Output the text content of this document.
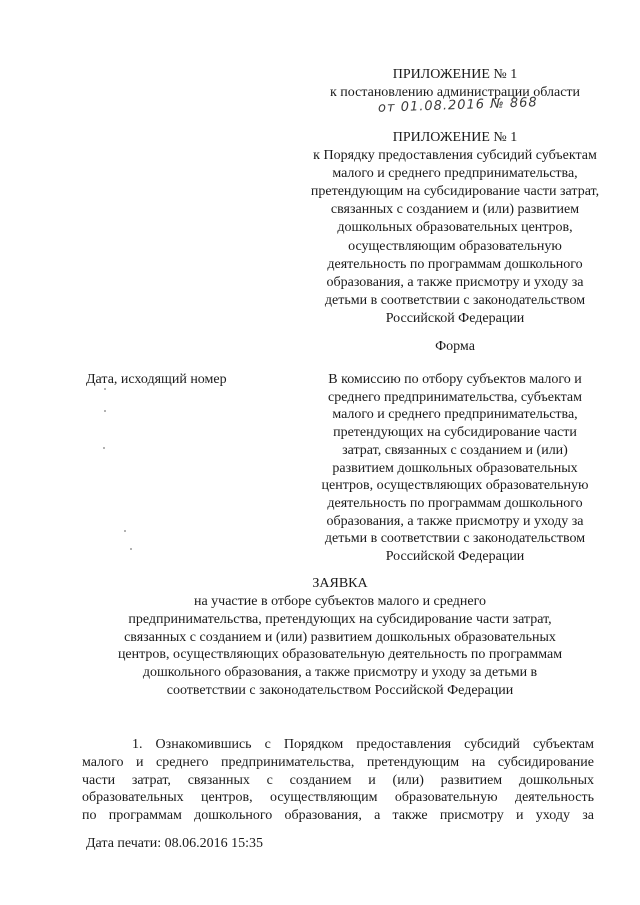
ПРИЛОЖЕНИЕ № 1
к постановлению администрации области
от 01.08.2016 № 868
ПРИЛОЖЕНИЕ № 1
к Порядку предоставления субсидий субъектам
малого и среднего предпринимательства,
претендующим на субсидирование части затрат,
связанных с созданием и (или) развитием
дошкольных образовательных центров,
осуществляющим образовательную
деятельность по программам дошкольного
образования, а также присмотру и уходу за
детьми в соответствии с законодательством
Российской Федерации
Форма
Дата, исходящий номер	В комиссию по отбору субъектов малого и
среднего предпринимательства, субъектам
малого и среднего предпринимательства,
претендующих на субсидирование части
затрат, связанных с созданием и (или)
развитием дошкольных образовательных
центров, осуществляющих образовательную
деятельность по программам дошкольного
образования, а также присмотру и уходу за
детьми в соответствии с законодательством
Российской Федерации
ЗАЯВКА
на участие в отборе субъектов малого и среднего
предпринимательства, претендующих на субсидирование части затрат,
связанных с созданием и (или) развитием дошкольных образовательных
центров, осуществляющих образовательную деятельность по программам
дошкольного образования, а также присмотру и уходу за детьми в
соответствии с законодательством Российской Федерации
1. Ознакомившись с Порядком предоставления субсидий субъектам
малого и среднего предпринимательства, претендующим на субсидирование
части затрат, связанных с созданием и (или) развитием дошкольных
образовательных центров, осуществляющим образовательную деятельность
по программам дошкольного образования, а также присмотру и уходу за
Дата печати: 08.06.2016 15:35
